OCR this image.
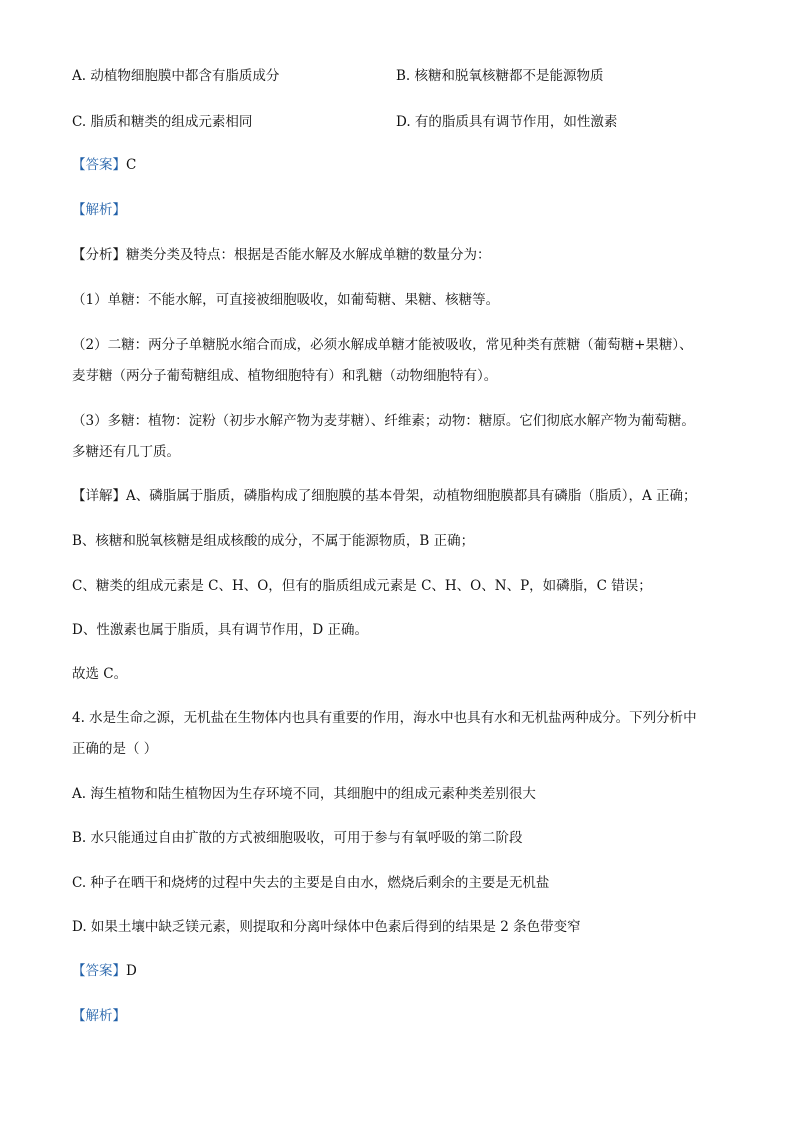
A. 动植物细胞膜中都含有脂质成分	B. 核糖和脱氧核糖都不是能源物质
C. 脂质和糖类的组成元素相同	D. 有的脂质具有调节作用，如性激素
【答案】C
【解析】
【分析】糖类分类及特点：根据是否能水解及水解成单糖的数量分为：
（1）单糖：不能水解，可直接被细胞吸收，如葡萄糖、果糖、核糖等。
（2）二糖：两分子单糖脱水缩合而成，必须水解成单糖才能被吸收，常见种类有蔗糖（葡萄糖+果糖）、
麦芽糖（两分子葡萄糖组成、植物细胞特有）和乳糖（动物细胞特有）。
（3）多糖：植物：淀粉（初步水解产物为麦芽糖）、纤维素；动物：糖原。它们彻底水解产物为葡萄糖。
多糖还有几丁质。
【详解】A、磷脂属于脂质，磷脂构成了细胞膜的基本骨架，动植物细胞膜都具有磷脂（脂质），A 正确；
B、核糖和脱氧核糖是组成核酸的成分，不属于能源物质，B 正确；
C、糖类的组成元素是 C、H、O，但有的脂质组成元素是 C、H、O、N、P，如磷脂，C 错误；
D、性激素也属于脂质，具有调节作用，D 正确。
故选 C。
4. 水是生命之源，无机盐在生物体内也具有重要的作用，海水中也具有水和无机盐两种成分。下列分析中
正确的是（ ）
A. 海生植物和陆生植物因为生存环境不同，其细胞中的组成元素种类差别很大
B. 水只能通过自由扩散的方式被细胞吸收，可用于参与有氧呼吸的第二阶段
C. 种子在晒干和烧烤的过程中失去的主要是自由水，燃烧后剩余的主要是无机盐
D. 如果土壤中缺乏镁元素，则提取和分离叶绿体中色素后得到的结果是 2 条色带变窄
【答案】D
【解析】
